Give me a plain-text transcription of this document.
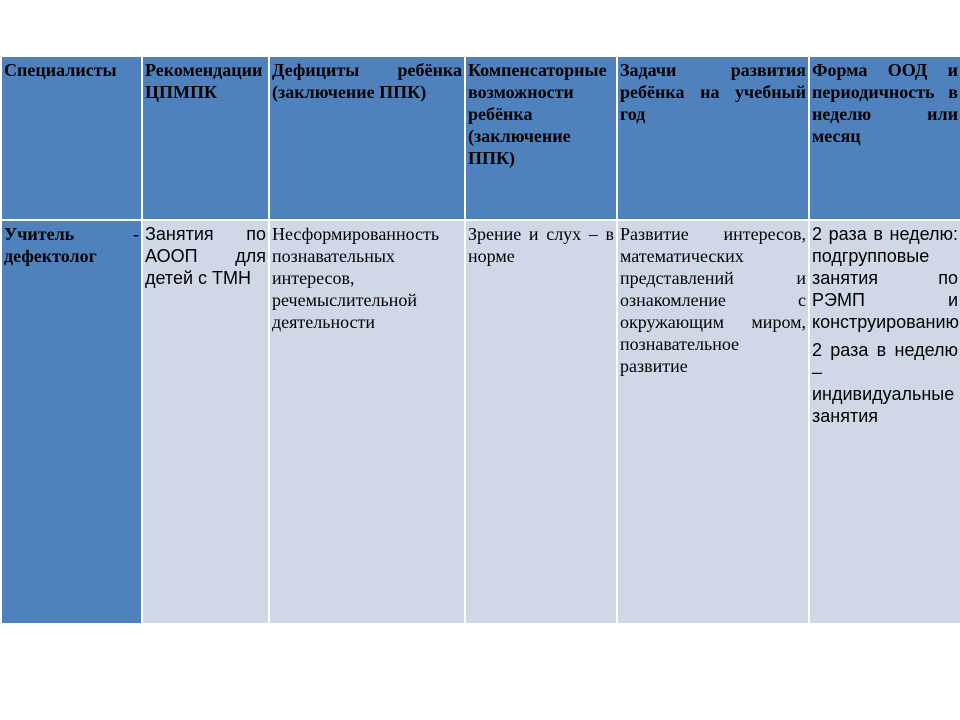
Специалисты	Рекомендации ЦПМПК	Дефициты ребёнка (заключение ППК)	Компенсаторные возможности ребёнка (заключение ППК)	Задачи развития ребёнка на учебный год	Форма ООД и периодичность в неделю или месяц
Учитель - дефектолог	Занятия по АООП для детей с ТМН	Несформированность познавательных интересов, речемыслительной деятельности	Зрение и слух – в норме	Развитие интересов, математических представлений и ознакомление с окружающим миром, познавательное развитие	2 раза в неделю: подгрупповые занятия по РЭМП и конструированию
2 раза в неделю – индивидуальные занятия
